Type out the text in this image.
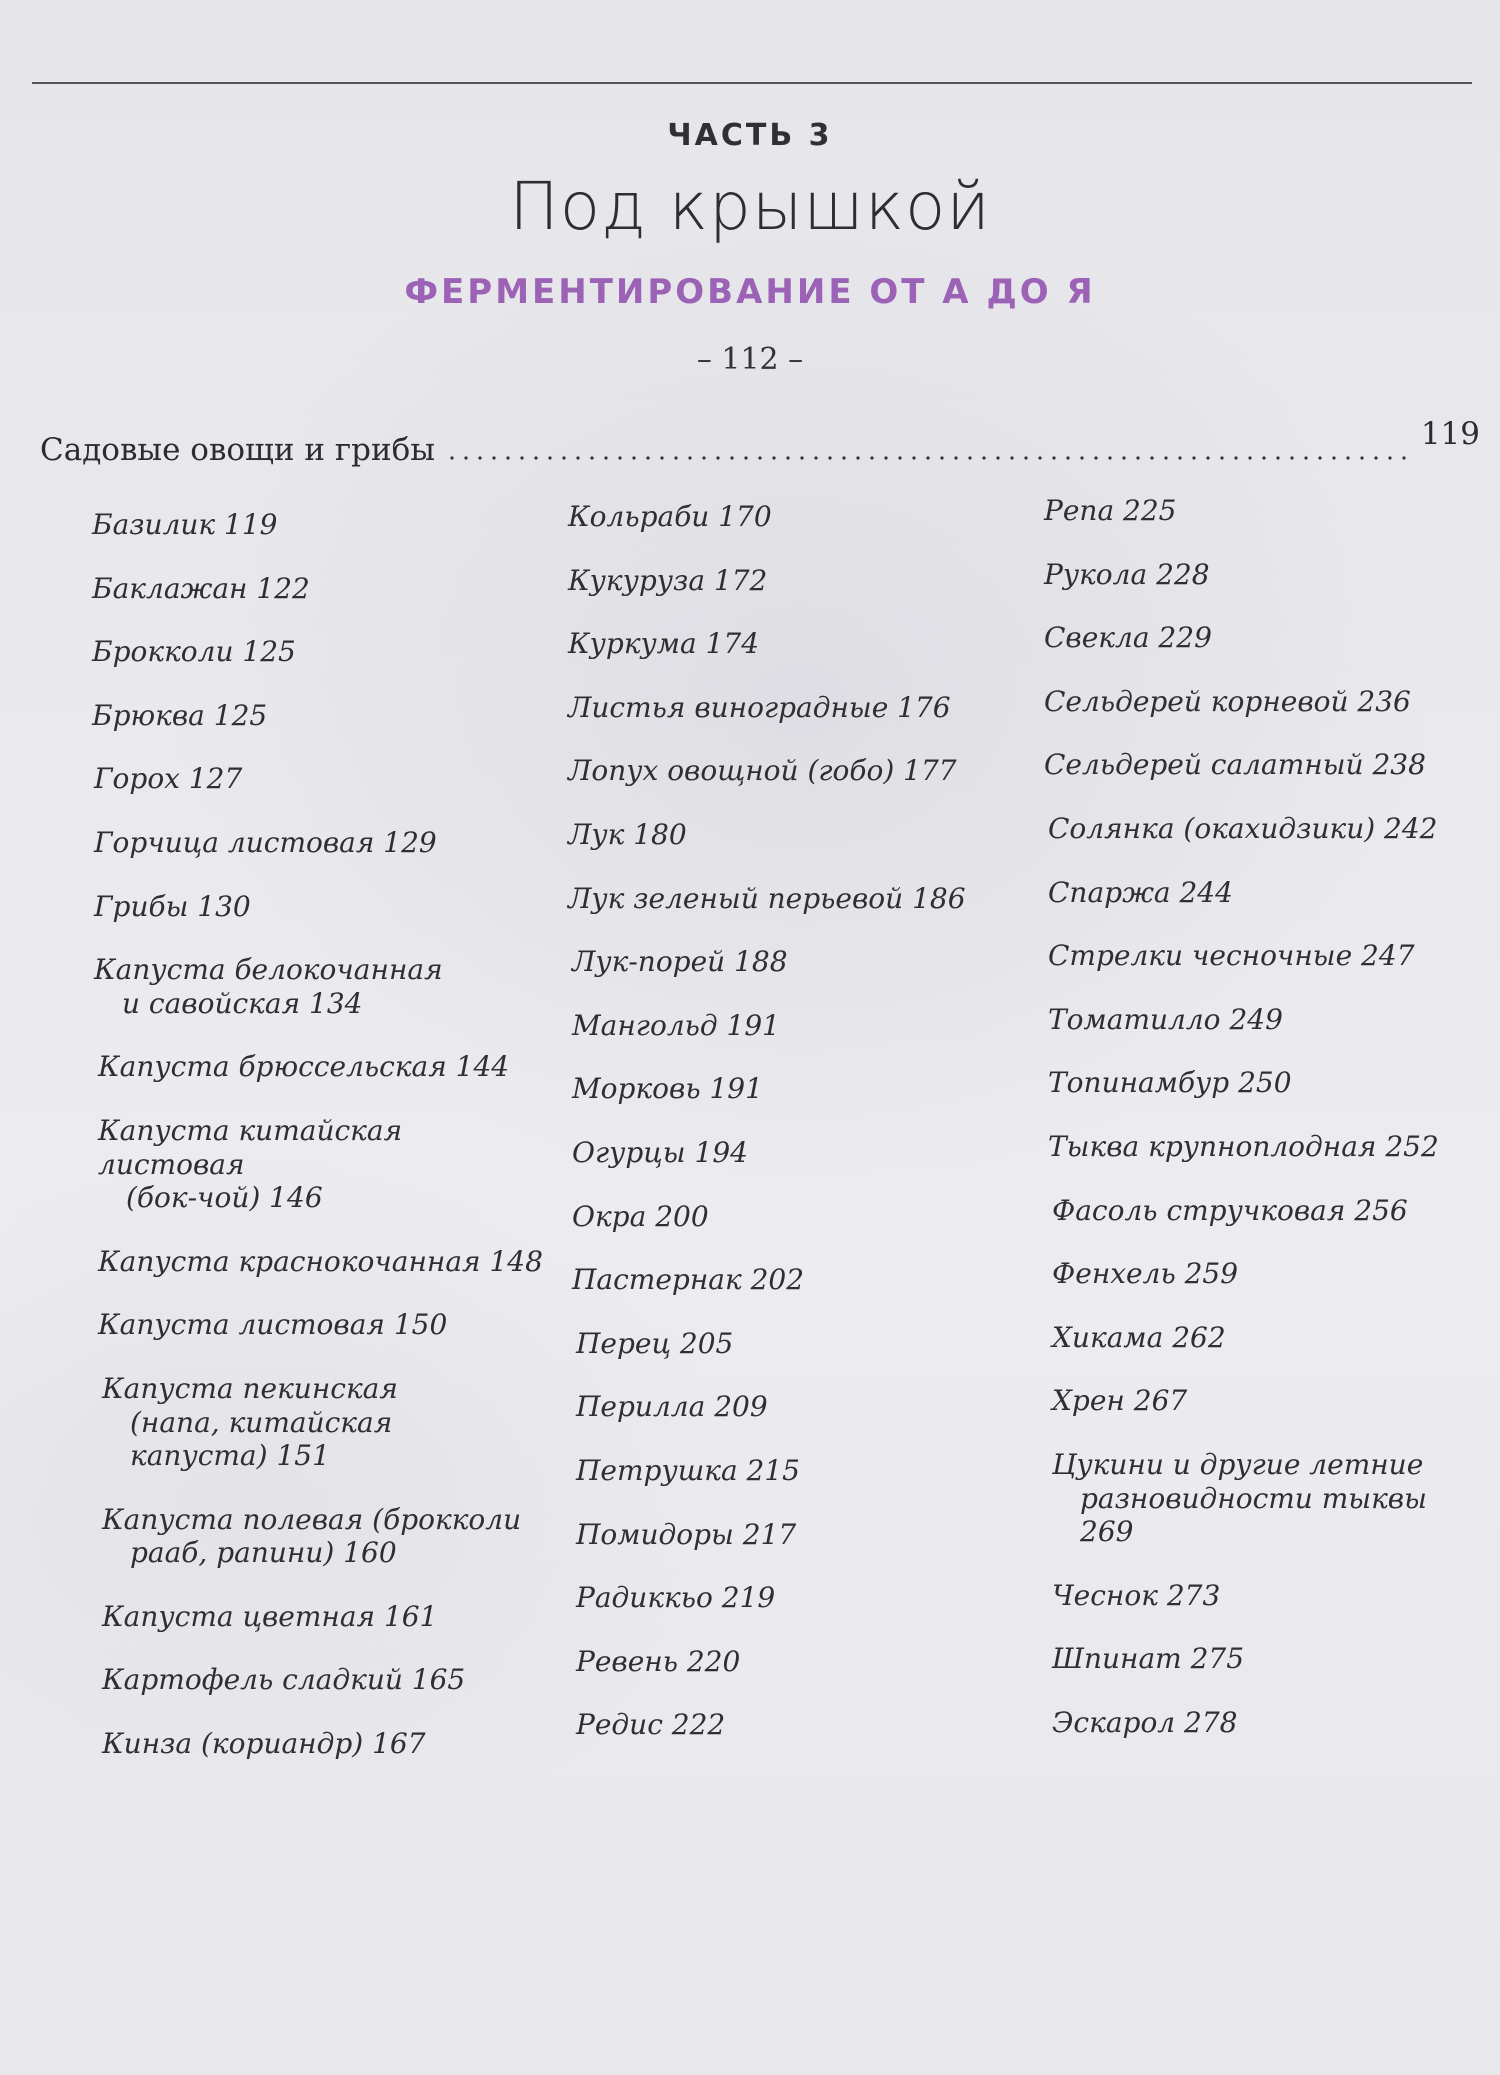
ЧАСТЬ 3
Под крышкой
ФЕРМЕНТИРОВАНИЕ ОТ А ДО Я
– 112 –
Садовые овощи и грибы	119
Базилик 119
Баклажан 122
Брокколи 125
Брюква 125
Горох 127
Горчица листовая 129
Грибы 130
Капуста белокочанная
и савойская 134
Капуста брюссельская 144
Капуста китайская листовая
(бок-чой) 146
Капуста краснокочанная 148
Капуста листовая 150
Капуста пекинская
(напа, китайская
капуста) 151
Капуста полевая (брокколи
рааб, рапини) 160
Капуста цветная 161
Картофель сладкий 165
Кинза (кориандр) 167
Кольраби 170
Кукуруза 172
Куркума 174
Листья виноградные 176
Лопух овощной (гобо) 177
Лук 180
Лук зеленый перьевой 186
Лук-порей 188
Мангольд 191
Морковь 191
Огурцы 194
Окра 200
Пастернак 202
Перец 205
Перилла 209
Петрушка 215
Помидоры 217
Радиккьо 219
Ревень 220
Редис 222
Репа 225
Рукола 228
Свекла 229
Сельдерей корневой 236
Сельдерей салатный 238
Солянка (окахидзики) 242
Спаржа 244
Стрелки чесночные 247
Томатилло 249
Топинамбур 250
Тыква крупноплодная 252
Фасоль стручковая 256
Фенхель 259
Хикама 262
Хрен 267
Цукини и другие летние
разновидности тыквы 269
Чеснок 273
Шпинат 275
Эскарол 278
